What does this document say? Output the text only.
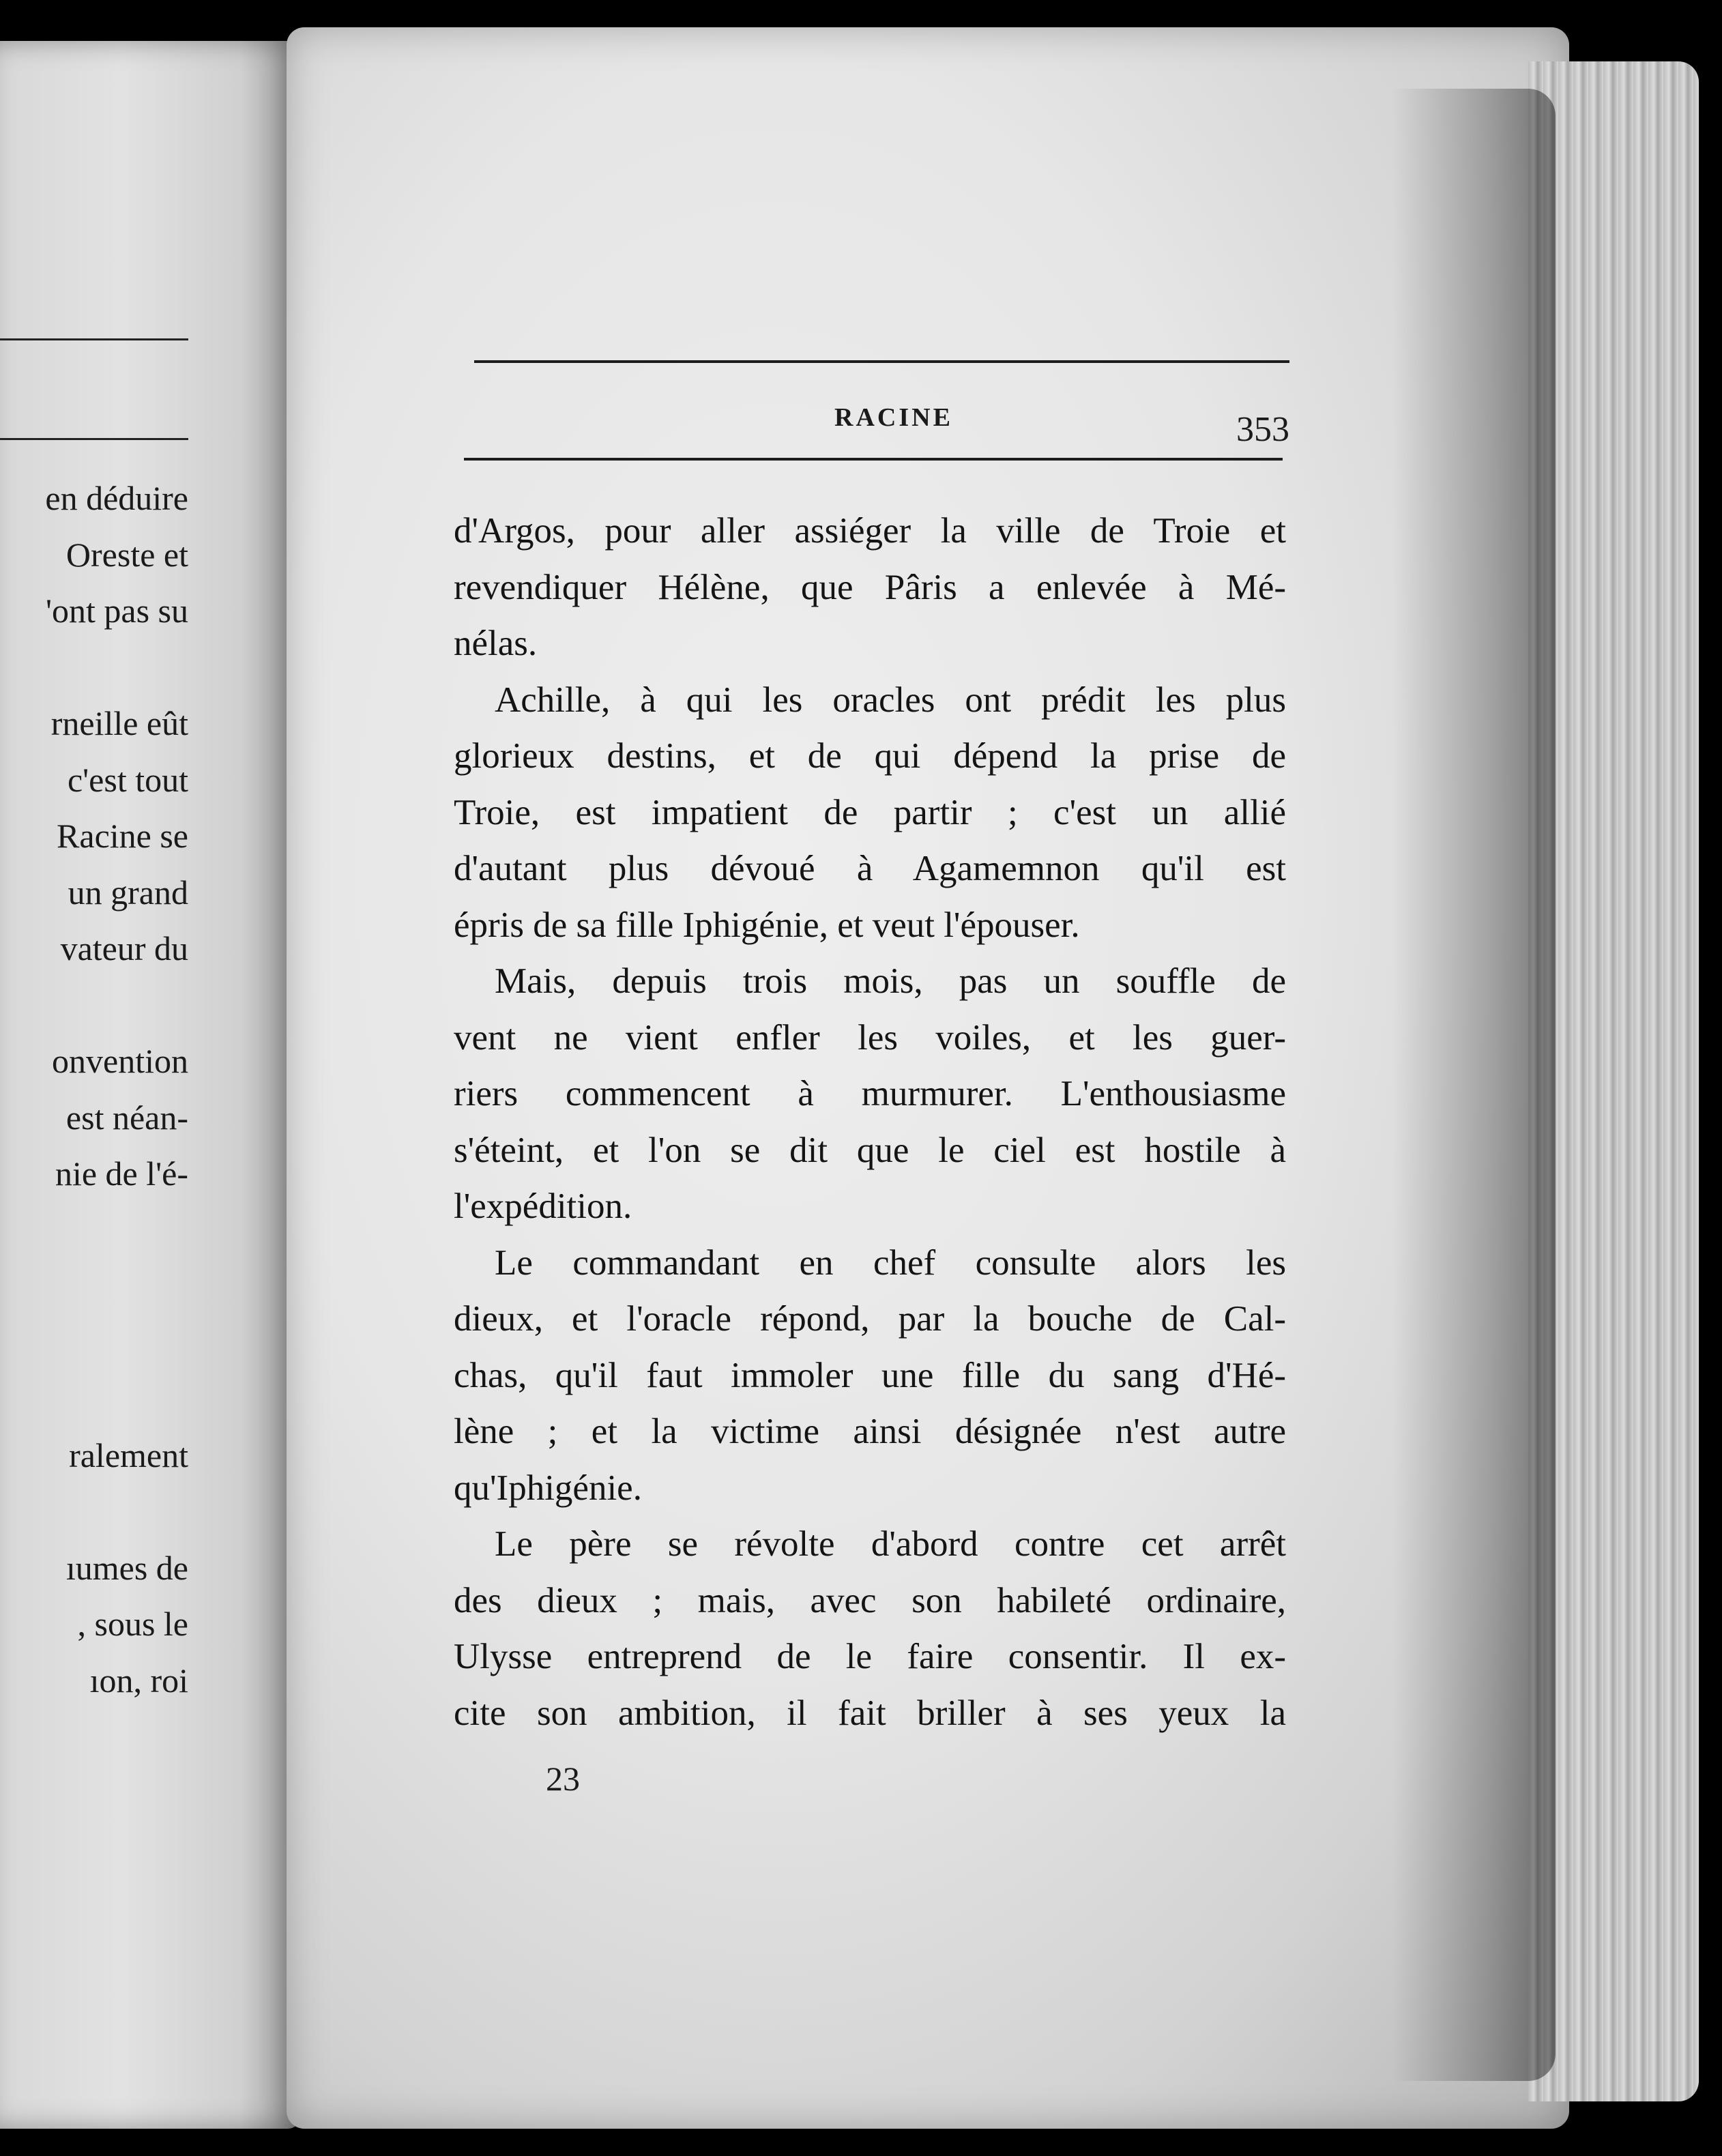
en déduire
Oreste et
'ont pas su
rneille eût
c'est tout
Racine se
un grand
vateur du
onvention
est néan-
nie de l'é-
ralement
ıumes de
, sous le
ıon, roi
RACINE	353
d'Argos, pour aller assiéger la ville de Troie et
revendiquer Hélène, que Pâris a enlevée à Mé-
nélas.
Achille, à qui les oracles ont prédit les plus
glorieux destins, et de qui dépend la prise de
Troie, est impatient de partir ; c'est un allié
d'autant plus dévoué à Agamemnon qu'il est
épris de sa fille Iphigénie, et veut l'épouser.
Mais, depuis trois mois, pas un souffle de
vent ne vient enfler les voiles, et les guer-
riers commencent à murmurer. L'enthousiasme
s'éteint, et l'on se dit que le ciel est hostile à
l'expédition.
Le commandant en chef consulte alors les
dieux, et l'oracle répond, par la bouche de Cal-
chas, qu'il faut immoler une fille du sang d'Hé-
lène ; et la victime ainsi désignée n'est autre
qu'Iphigénie.
Le père se révolte d'abord contre cet arrêt
des dieux ; mais, avec son habileté ordinaire,
Ulysse entreprend de le faire consentir. Il ex-
cite son ambition, il fait briller à ses yeux la
23
